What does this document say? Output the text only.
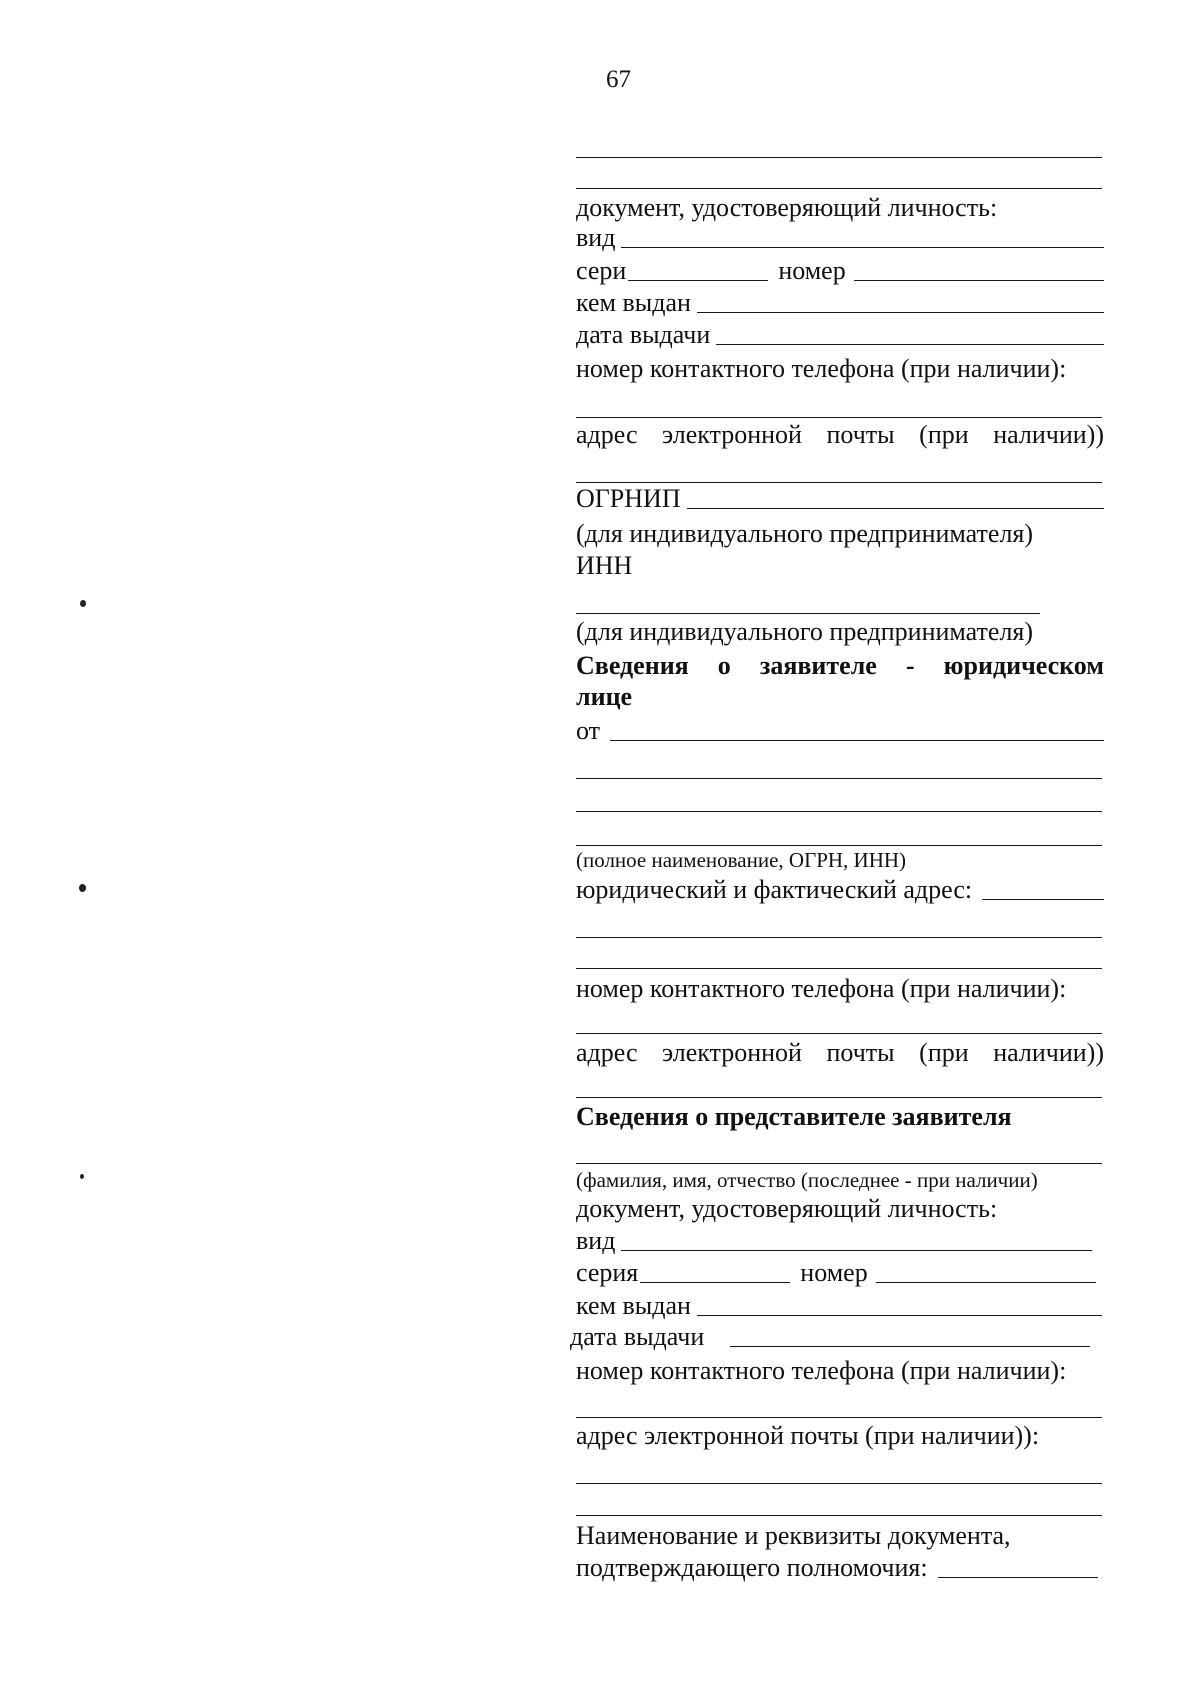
67
документ, удостоверяющий личность:
вид
сери	номер
кем выдан
дата выдачи
номер контактного телефона (при наличии):
адрес электронной почты (при наличии))
ОГРНИП
(для индивидуального предпринимателя)
ИНН
(для индивидуального предпринимателя)
Сведения о заявителе - юридическом
лице
от
(полное наименование, ОГРН, ИНН)
юридический и фактический адрес:
номер контактного телефона (при наличии):
адрес электронной почты (при наличии))
Сведения о представителе заявителя
(фамилия, имя, отчество (последнее - при наличии)
документ, удостоверяющий личность:
вид
серия	номер
кем выдан
дата выдачи
номер контактного телефона (при наличии):
адрес электронной почты (при наличии)):
Наименование и реквизиты документа,
подтверждающего полномочия:
